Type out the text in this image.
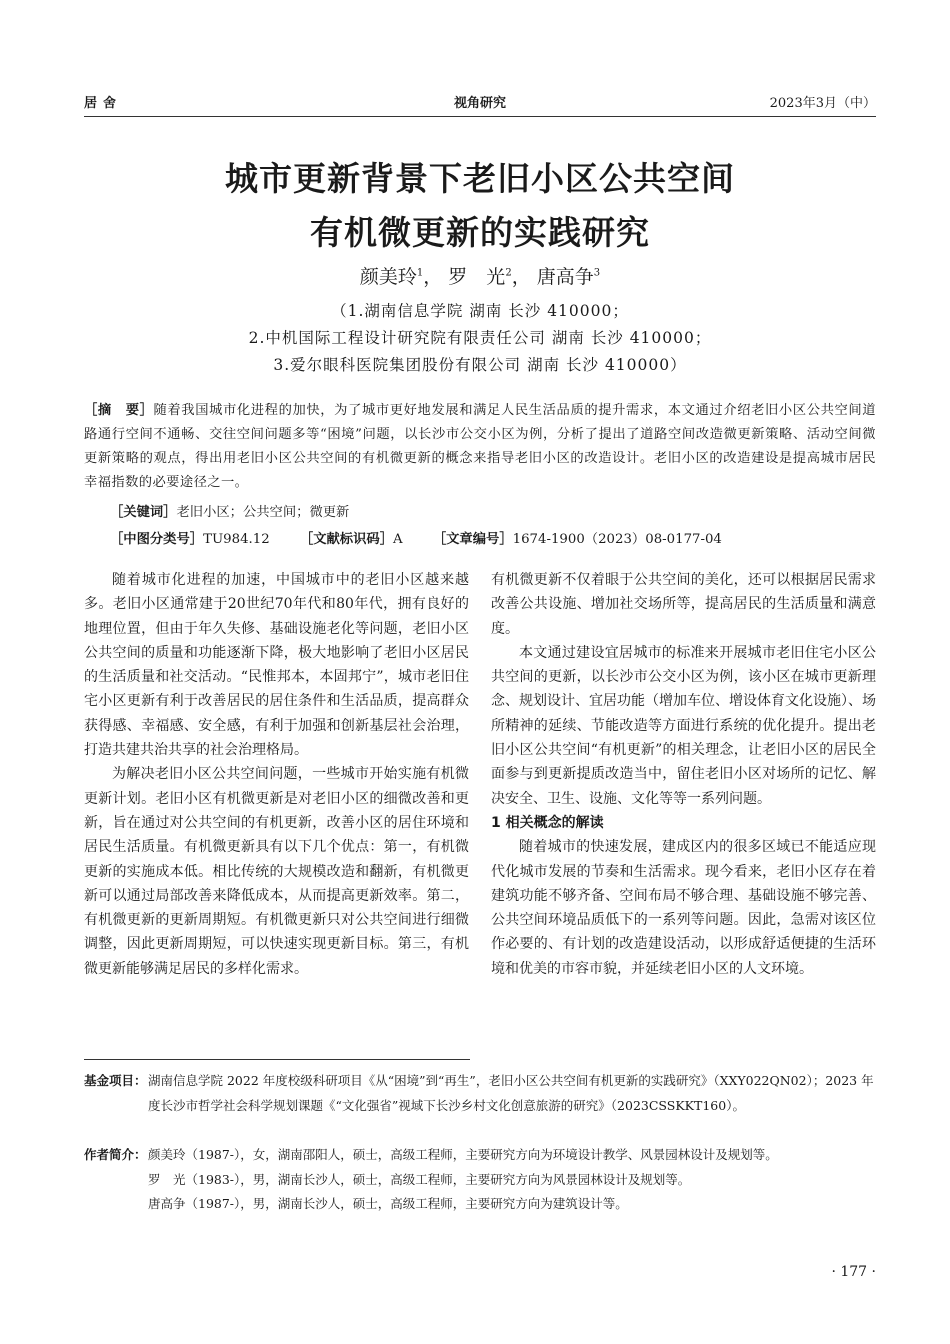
居舍	视角研究	2023年3月（中）
城市更新背景下老旧小区公共空间
有机微更新的实践研究
颜美玲$^1$， 罗　光$^2$， 唐高争$^3$
（1.湖南信息学院 湖南 长沙 410000；
2.中机国际工程设计研究院有限责任公司 湖南 长沙 410000；
3.爱尔眼科医院集团股份有限公司 湖南 长沙 410000）
［摘　要］随着我国城市化进程的加快，为了城市更好地发展和满足人民生活品质的提升需求，本文通过介绍老旧小区公共空间道路通行空间不通畅、交往空间问题多等“困境”问题，以长沙市公交小区为例，分析了提出了道路空间改造微更新策略、活动空间微更新策略的观点，得出用老旧小区公共空间的有机微更新的概念来指导老旧小区的改造设计。老旧小区的改造建设是提高城市居民幸福指数的必要途径之一。
［关键词］老旧小区；公共空间；微更新
［中图分类号］TU984.12 ［文献标识码］A ［文章编号］1674-1900（2023）08-0177-04

随着城市化进程的加速，中国城市中的老旧小区越来越多。老旧小区通常建于20世纪70年代和80年代，拥有良好的地理位置，但由于年久失修、基础设施老化等问题，老旧小区公共空间的质量和功能逐渐下降，极大地影响了老旧小区居民的生活质量和社交活动。“民惟邦本，本固邦宁”，城市老旧住宅小区更新有利于改善居民的居住条件和生活品质，提高群众获得感、幸福感、安全感，有利于加强和创新基层社会治理，打造共建共治共享的社会治理格局。

为解决老旧小区公共空间问题，一些城市开始实施有机微更新计划。老旧小区有机微更新是对老旧小区的细微改善和更新，旨在通过对公共空间的有机更新，改善小区的居住环境和居民生活质量。有机微更新具有以下几个优点：第一，有机微更新的实施成本低。相比传统的大规模改造和翻新，有机微更新可以通过局部改善来降低成本，从而提高更新效率。第二，有机微更新的更新周期短。有机微更新只对公共空间进行细微调整，因此更新周期短，可以快速实现更新目标。第三，有机微更新能够满足居民的多样化需求。

有机微更新不仅着眼于公共空间的美化，还可以根据居民需求改善公共设施、增加社交场所等，提高居民的生活质量和满意度。

本文通过建设宜居城市的标准来开展城市老旧住宅小区公共空间的更新，以长沙市公交小区为例，该小区在城市更新理念、规划设计、宜居功能（增加车位、增设体育文化设施）、场所精神的延续、节能改造等方面进行系统的优化提升。提出老旧小区公共空间“有机更新”的相关理念，让老旧小区的居民全面参与到更新提质改造当中，留住老旧小区对场所的记忆、解决安全、卫生、设施、文化等等一系列问题。

1 相关概念的解读

随着城市的快速发展，建成区内的很多区域已不能适应现代化城市发展的节奏和生活需求。现今看来，老旧小区存在着建筑功能不够齐备、空间布局不够合理、基础设施不够完善、公共空间环境品质低下的一系列等问题。因此，急需对该区位作必要的、有计划的改造建设活动，以形成舒适便捷的生活环境和优美的市容市貌，并延续老旧小区的人文环境。

基金项目： 湖南信息学院 2022 年度校级科研项目《从“困境”到“再生”，老旧小区公共空间有机更新的实践研究》（XXY022QN02）；2023 年度长沙市哲学社会科学规划课题《“文化强省”视域下长沙乡村文化创意旅游的研究》（2023CSSKKT160）。
作者简介： 颜美玲（1987-），女，湖南邵阳人，硕士，高级工程师，主要研究方向为环境设计教学、风景园林设计及规划等。
罗　光（1983-），男，湖南长沙人，硕士，高级工程师，主要研究方向为风景园林设计及规划等。
唐高争（1987-），男，湖南长沙人，硕士，高级工程师，主要研究方向为建筑设计等。
· 177 ·
